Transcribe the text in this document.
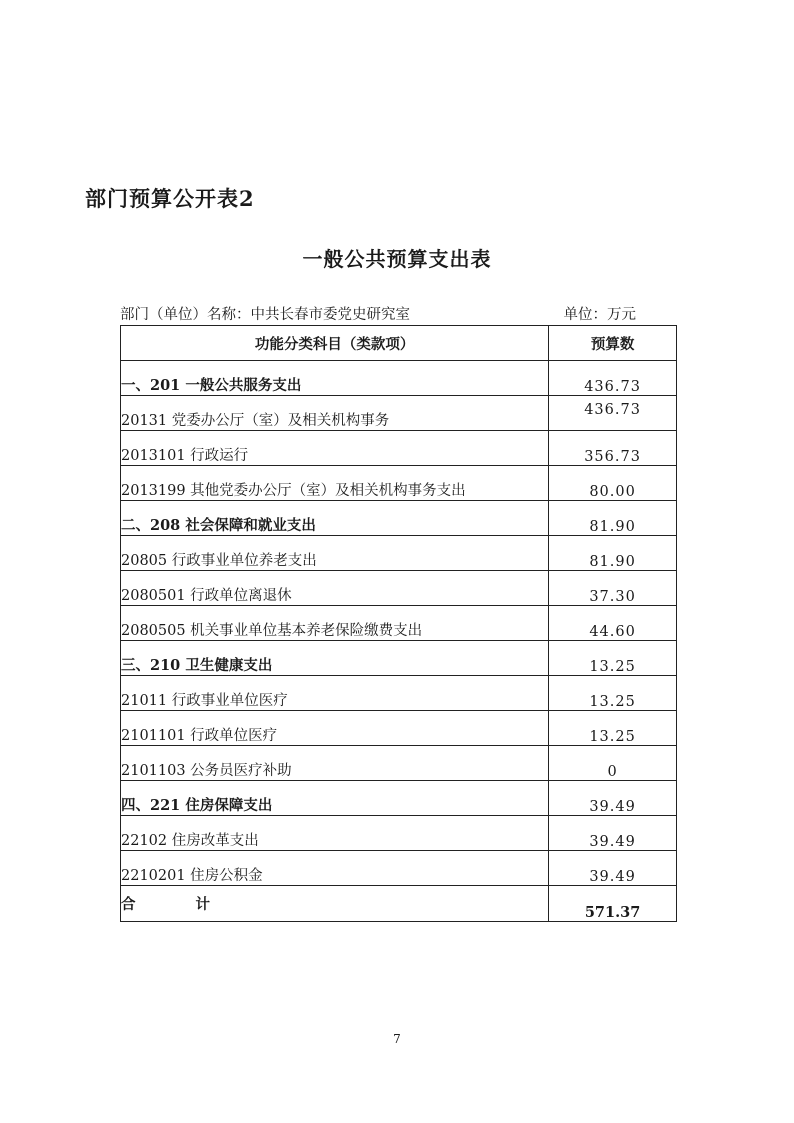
部门预算公开表2
一般公共预算支出表
部门（单位）名称：中共长春市委党史研究室	单位：万元
功能分类科目（类款项）	预算数
一、201 一般公共服务支出	436.73
20131 党委办公厅（室）及相关机构事务	436.73
2013101 行政运行	356.73
2013199 其他党委办公厅（室）及相关机构事务支出	80.00
二、208 社会保障和就业支出	81.90
20805 行政事业单位养老支出	81.90
2080501 行政单位离退休	37.30
2080505 机关事业单位基本养老保险缴费支出	44.60
三、210 卫生健康支出	13.25
21011 行政事业单位医疗	13.25
2101101 行政单位医疗	13.25
2101103 公务员医疗补助	0
四、221 住房保障支出	39.49
22102 住房改革支出	39.49
2210201 住房公积金	39.49
合 计	571.37
7
